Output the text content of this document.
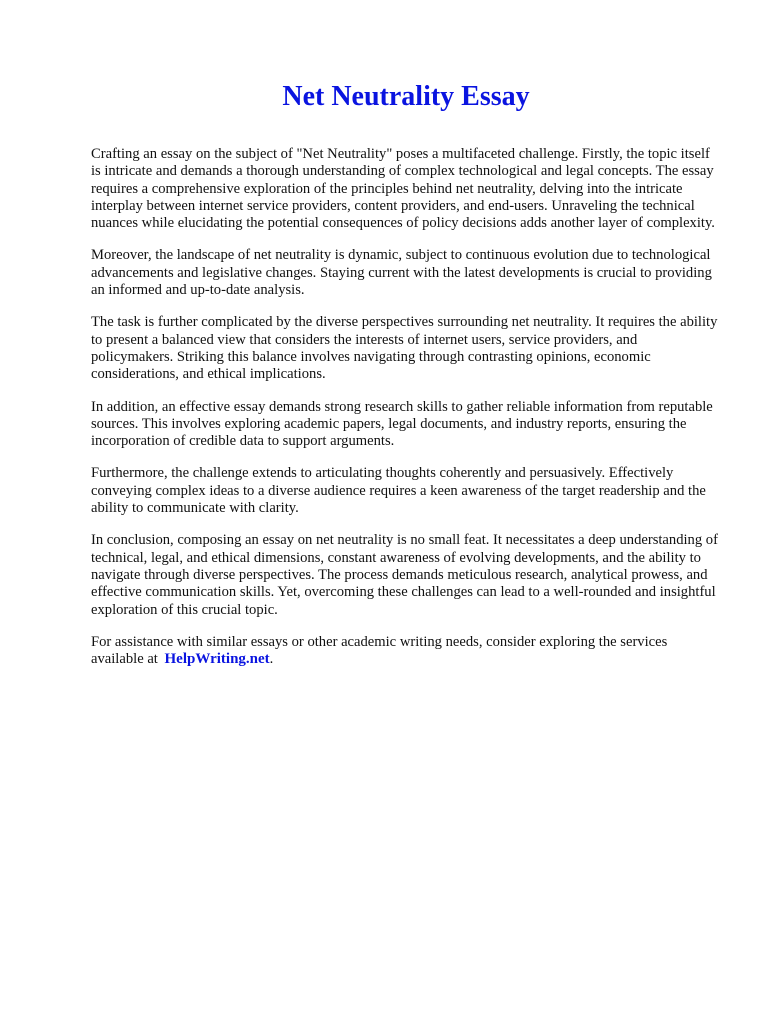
Net Neutrality Essay

Crafting an essay on the subject of "Net Neutrality" poses a multifaceted challenge. Firstly, the topic itself is intricate and demands a thorough understanding of complex technological and legal concepts. The essay requires a comprehensive exploration of the principles behind net neutrality, delving into the intricate interplay between internet service providers, content providers, and end-users. Unraveling the technical nuances while elucidating the potential consequences of policy decisions adds another layer of complexity.

Moreover, the landscape of net neutrality is dynamic, subject to continuous evolution due to technological advancements and legislative changes. Staying current with the latest developments is crucial to providing an informed and up-to-date analysis.

The task is further complicated by the diverse perspectives surrounding net neutrality. It requires the ability to present a balanced view that considers the interests of internet users, service providers, and policymakers. Striking this balance involves navigating through contrasting opinions, economic considerations, and ethical implications.

In addition, an effective essay demands strong research skills to gather reliable information from reputable sources. This involves exploring academic papers, legal documents, and industry reports, ensuring the incorporation of credible data to support arguments.

Furthermore, the challenge extends to articulating thoughts coherently and persuasively. Effectively conveying complex ideas to a diverse audience requires a keen awareness of the target readership and the ability to communicate with clarity.

In conclusion, composing an essay on net neutrality is no small feat. It necessitates a deep understanding of technical, legal, and ethical dimensions, constant awareness of evolving developments, and the ability to navigate through diverse perspectives. The process demands meticulous research, analytical prowess, and effective communication skills. Yet, overcoming these challenges can lead to a well-rounded and insightful exploration of this crucial topic.

For assistance with similar essays or other academic writing needs, consider exploring the services available at HelpWriting.net.
